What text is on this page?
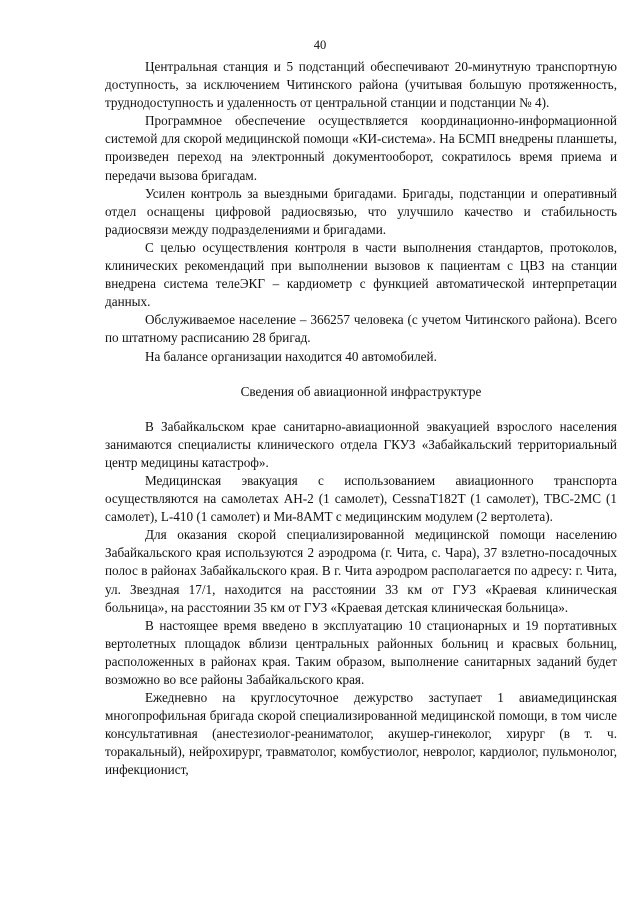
40

Центральная станция и 5 подстанций обеспечивают 20-минутную транспортную доступность, за исключением Читинского района (учитывая большую протяженность, труднодоступность и удаленность от центральной станции и подстанции № 4).

Программное обеспечение осуществляется координационно-информационной системой для скорой медицинской помощи «КИ-система». На БСМП внедрены планшеты, произведен переход на электронный документооборот, сократилось время приема и передачи вызова бригадам.

Усилен контроль за выездными бригадами. Бригады, подстанции и оперативный отдел оснащены цифровой радиосвязью, что улучшило качество и стабильность радиосвязи между подразделениями и бригадами.

С целью осуществления контроля в части выполнения стандартов, протоколов, клинических рекомендаций при выполнении вызовов к пациентам с ЦВЗ на станции внедрена система телеЭКГ – кардиометр с функцией автоматической интерпретации данных.

Обслуживаемое население – 366257 человека (с учетом Читинского района). Всего по штатному расписанию 28 бригад.

На балансе организации находится 40 автомобилей.

Сведения об авиационной инфраструктуре

В Забайкальском крае санитарно-авиационной эвакуацией взрослого населения занимаются специалисты клинического отдела ГКУЗ «Забайкальский территориальный центр медицины катастроф».

Медицинская эвакуация с использованием авиационного транспорта осуществляются на самолетах АН-2 (1 самолет), CessnaT182T (1 самолет), ТВС-2МС (1 самолет), L-410 (1 самолет) и Ми-8АМТ с медицинским модулем (2 вертолета).

Для оказания скорой специализированной медицинской помощи населению Забайкальского края используются 2 аэродрома (г. Чита, с. Чара), 37 взлетно-посадочных полос в районах Забайкальского края. В г. Чита аэродром располагается по адресу: г. Чита, ул. Звездная 17/1, находится на расстоянии 33 км от ГУЗ «Краевая клиническая больница», на расстоянии 35 км от ГУЗ «Краевая детская клиническая больница».

В настоящее время введено в эксплуатацию 10 стационарных и 19 портативных вертолетных площадок вблизи центральных районных больниц и красвых больниц, расположенных в районах края. Таким образом, выполнение санитарных заданий будет возможно во все районы Забайкальского края.

Ежедневно на круглосуточное дежурство заступает 1 авиамедицинская многопрофильная бригада скорой специализированной медицинской помощи, в том числе консультативная (анестезиолог-реаниматолог, акушер-гинеколог, хирург (в т. ч. торакальный), нейрохирург, травматолог, комбустиолог, невролог, кардиолог, пульмонолог, инфекционист,
